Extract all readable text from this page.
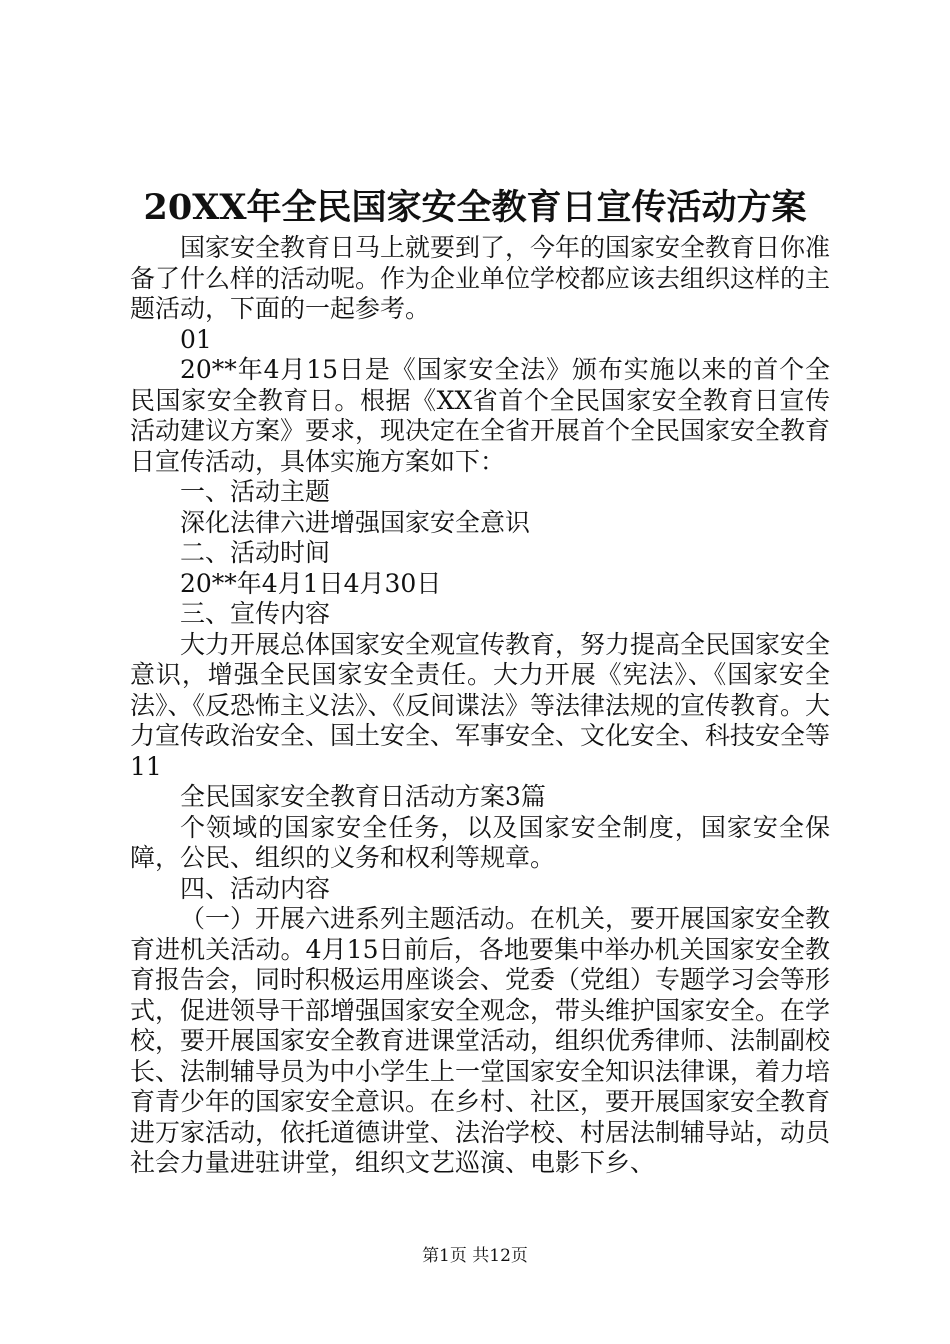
20XX年全民国家安全教育日宣传活动方案

国家安全教育日马上就要到了，今年的国家安全教育日你准备了什么样的活动呢。作为企业单位学校都应该去组织这样的主题活动，下面的一起参考。

01

20**年4月15日是《国家安全法》颁布实施以来的首个全民国家安全教育日。根据《XX省首个全民国家安全教育日宣传活动建议方案》要求，现决定在全省开展首个全民国家安全教育日宣传活动，具体实施方案如下：

一、活动主题

深化法律六进增强国家安全意识

二、活动时间

20**年4月1日4月30日

三、宣传内容

大力开展总体国家安全观宣传教育，努力提高全民国家安全意识，增强全民国家安全责任。大力开展《宪法》、《国家安全法》、《反恐怖主义法》、《反间谍法》等法律法规的宣传教育。大力宣传政治安全、国土安全、军事安全、文化安全、科技安全等11

全民国家安全教育日活动方案3篇

个领域的国家安全任务，以及国家安全制度，国家安全保障，公民、组织的义务和权利等规章。

四、活动内容

（一）开展六进系列主题活动。在机关，要开展国家安全教育进机关活动。4月15日前后，各地要集中举办机关国家安全教育报告会，同时积极运用座谈会、党委（党组）专题学习会等形式，促进领导干部增强国家安全观念，带头维护国家安全。在学校，要开展国家安全教育进课堂活动，组织优秀律师、法制副校长、法制辅导员为中小学生上一堂国家安全知识法律课，着力培育青少年的国家安全意识。在乡村、社区，要开展国家安全教育进万家活动，依托道德讲堂、法治学校、村居法制辅导站，动员社会力量进驻讲堂，组织文艺巡演、电影下乡、

第1页 共12页
